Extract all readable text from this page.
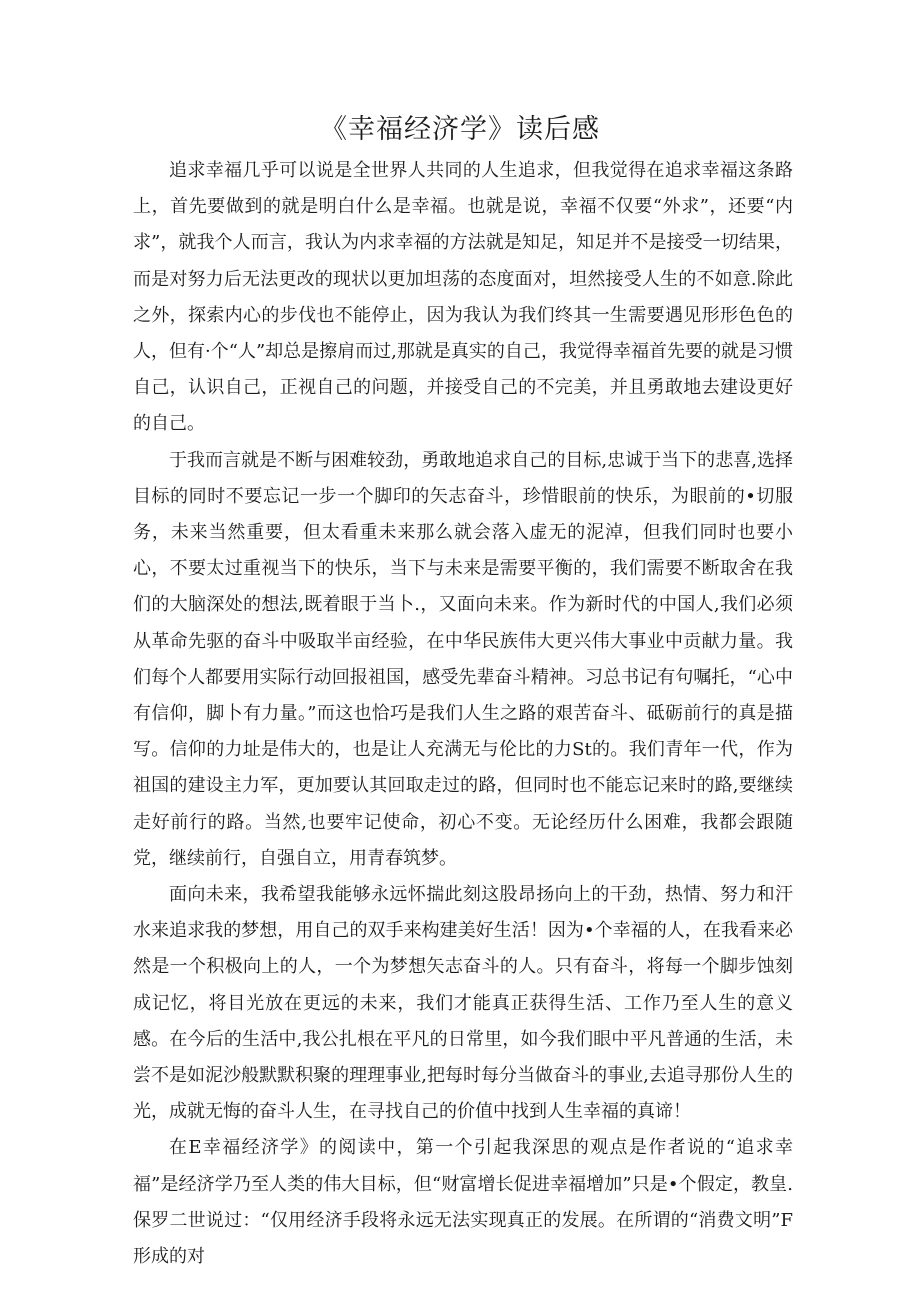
《幸福经济学》读后感

追求幸福几乎可以说是全世界人共同的人生追求，但我觉得在追求幸福这条路上，首先要做到的就是明白什么是幸福。也就是说，幸福不仅要“外求”，还要“内求”，就我个人而言，我认为内求幸福的方法就是知足，知足并不是接受一切结果，而是对努力后无法更改的现状以更加坦荡的态度面对，坦然接受人生的不如意.除此之外，探索内心的步伐也不能停止，因为我认为我们终其一生需要遇见形形色色的人，但有·个“人”却总是擦肩而过,那就是真实的自己，我觉得幸福首先要的就是习惯自己，认识自己，正视自己的问题，并接受自己的不完美，并且勇敢地去建设更好的自己。

于我而言就是不断与困难较劲，勇敢地追求自己的目标,忠诚于当下的悲喜,选择目标的同时不要忘记一步一个脚印的矢志奋斗，珍惜眼前的快乐，为眼前的•切服务，未来当然重要，但太看重未来那么就会落入虚无的泥淖，但我们同时也要小心，不要太过重视当下的快乐，当下与未来是需要平衡的，我们需要不断取舍在我们的大脑深处的想法,既着眼于当卜.，又面向未来。作为新时代的中国人,我们必须从革命先驱的奋斗中吸取半亩经验，在中华民族伟大更兴伟大事业中贡献力量。我们每个人都要用实际行动回报祖国，感受先辈奋斗精神。习总书记有句嘱托，“心中有信仰，脚卜有力量。”而这也恰巧是我们人生之路的艰苦奋斗、砥砺前行的真是描写。信仰的力址是伟大的，也是让人充满无与伦比的力St的。我们青年一代，作为祖国的建设主力军，更加要认其回取走过的路，但同时也不能忘记来时的路,要继续走好前行的路。当然,也要牢记使命，初心不变。无论经历什么困难，我都会跟随党，继续前行，自强自立，用青春筑梦。

面向未来，我希望我能够永远怀揣此刻这股昂扬向上的干劲，热情、努力和汗水来追求我的梦想，用自己的双手来构建美好生活！因为•个幸福的人，在我看来必然是一个积极向上的人，一个为梦想矢志奋斗的人。只有奋斗，将每一个脚步蚀刻成记忆，将目光放在更远的未来，我们才能真正获得生活、工作乃至人生的意义感。在今后的生活中,我公扎根在平凡的日常里，如今我们眼中平凡普通的生活，未尝不是如泥沙般默默积聚的理理事业,把每时每分当做奋斗的事业,去追寻那份人生的光，成就无悔的奋斗人生，在寻找自己的价值中找到人生幸福的真谛！

在E幸福经济学》的阅读中，第一个引起我深思的观点是作者说的“追求幸福”是经济学乃至人类的伟大目标，但“财富增长促进幸福增加”只是•个假定，教皇.保罗二世说过：“仅用经济手段将永远无法实现真正的发展。在所谓的“消费文明”F形成的对
